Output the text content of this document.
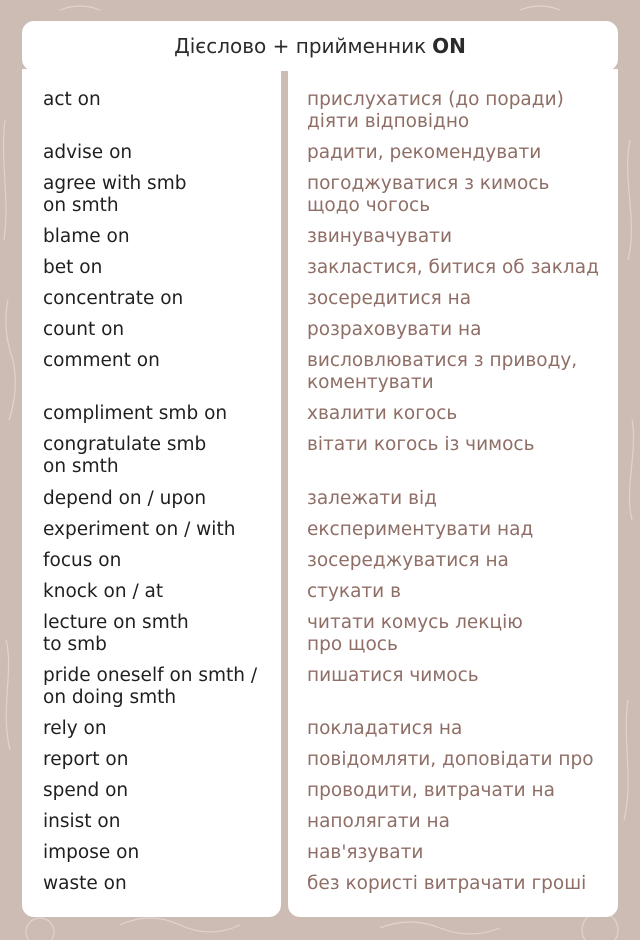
Дієслово + прийменник ON
act on
advise on
agree with smb
on smth
blame on
bet on
concentrate on
count on
comment on
compliment smb on
congratulate smb
on smth
depend on / upon
experiment on / with
focus on
knock on / at
lecture on smth
to smb
pride oneself on smth /
on doing smth
rely on
report on
spend on
insist on
impose on
waste on
прислухатися (до поради)
діяти відповідно
радити, рекомендувати
погоджуватися з кимось
щодо чогось
звинувачувати
закластися, битися об заклад
зосередитися на
розраховувати на
висловлюватися з приводу,
коментувати
хвалити когось
вітати когось із чимось
залежати від
експериментувати над
зосереджуватися на
стукати в
читати комусь лекцію
про щось
пишатися чимось
покладатися на
повідомляти, доповідати про
проводити, витрачати на
наполягати на
нав'язувати
без користі витрачати гроші
